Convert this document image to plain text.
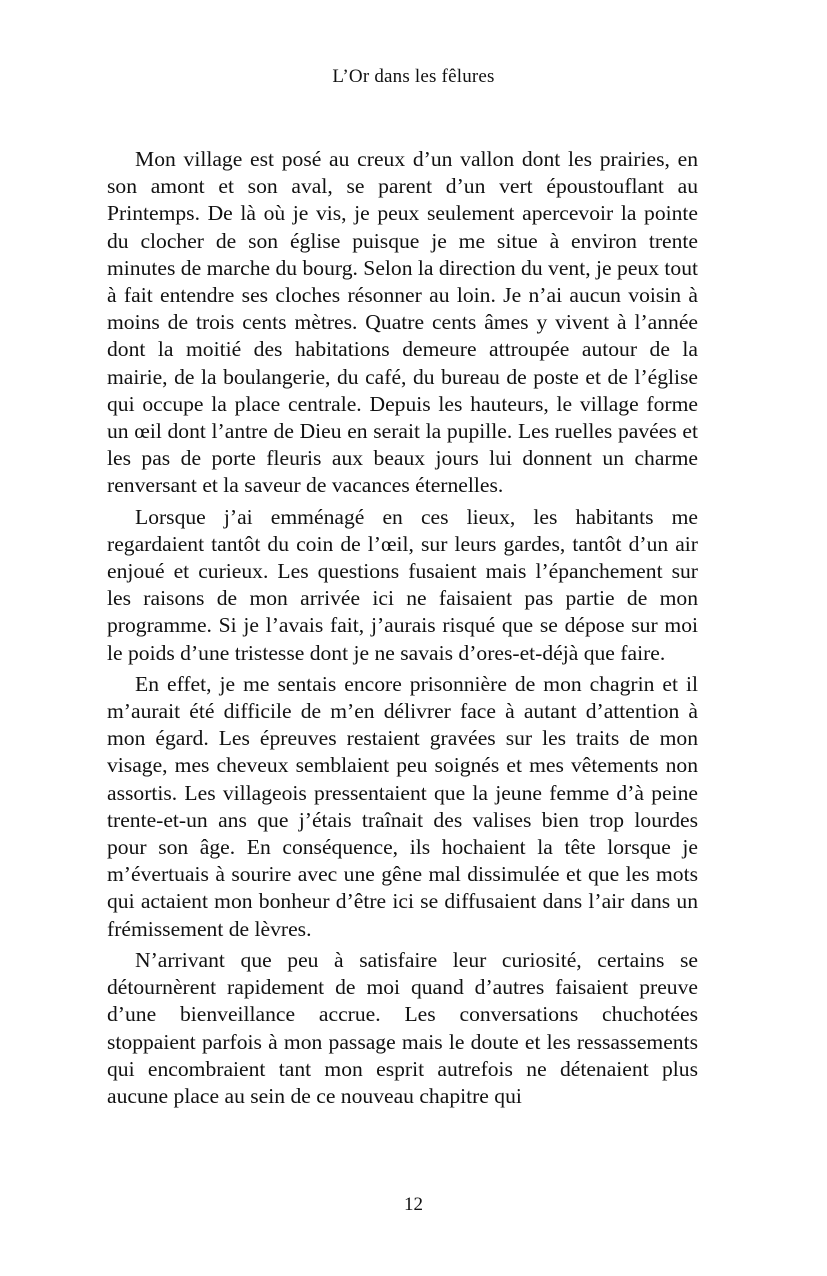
L’Or dans les fêlures

Mon village est posé au creux d’un vallon dont les prairies, en son amont et son aval, se parent d’un vert époustouflant au Printemps. De là où je vis, je peux seulement apercevoir la pointe du clocher de son église puisque je me situe à environ trente minutes de marche du bourg. Selon la direction du vent, je peux tout à fait entendre ses cloches résonner au loin. Je n’ai aucun voisin à moins de trois cents mètres. Quatre cents âmes y vivent à l’année dont la moitié des habitations demeure attroupée autour de la mairie, de la boulangerie, du café, du bureau de poste et de l’église qui occupe la place centrale. Depuis les hauteurs, le village forme un œil dont l’antre de Dieu en serait la pupille. Les ruelles pavées et les pas de porte fleuris aux beaux jours lui donnent un charme renversant et la saveur de vacances éternelles.

Lorsque j’ai emménagé en ces lieux, les habitants me regardaient tantôt du coin de l’œil, sur leurs gardes, tantôt d’un air enjoué et curieux. Les questions fusaient mais l’épanchement sur les raisons de mon arrivée ici ne faisaient pas partie de mon programme. Si je l’avais fait, j’aurais risqué que se dépose sur moi le poids d’une tristesse dont je ne savais d’ores-et-déjà que faire.

En effet, je me sentais encore prisonnière de mon chagrin et il m’aurait été difficile de m’en délivrer face à autant d’attention à mon égard. Les épreuves restaient gravées sur les traits de mon visage, mes cheveux semblaient peu soignés et mes vêtements non assortis. Les villageois pressentaient que la jeune femme d’à peine trente-et-un ans que j’étais traînait des valises bien trop lourdes pour son âge. En conséquence, ils hochaient la tête lorsque je m’évertuais à sourire avec une gêne mal dissimulée et que les mots qui actaient mon bonheur d’être ici se diffusaient dans l’air dans un frémissement de lèvres.

N’arrivant que peu à satisfaire leur curiosité, certains se détournèrent rapidement de moi quand d’autres faisaient preuve d’une bienveillance accrue. Les conversations chuchotées stoppaient parfois à mon passage mais le doute et les ressassements qui encombraient tant mon esprit autrefois ne détenaient plus aucune place au sein de ce nouveau chapitre qui

12
